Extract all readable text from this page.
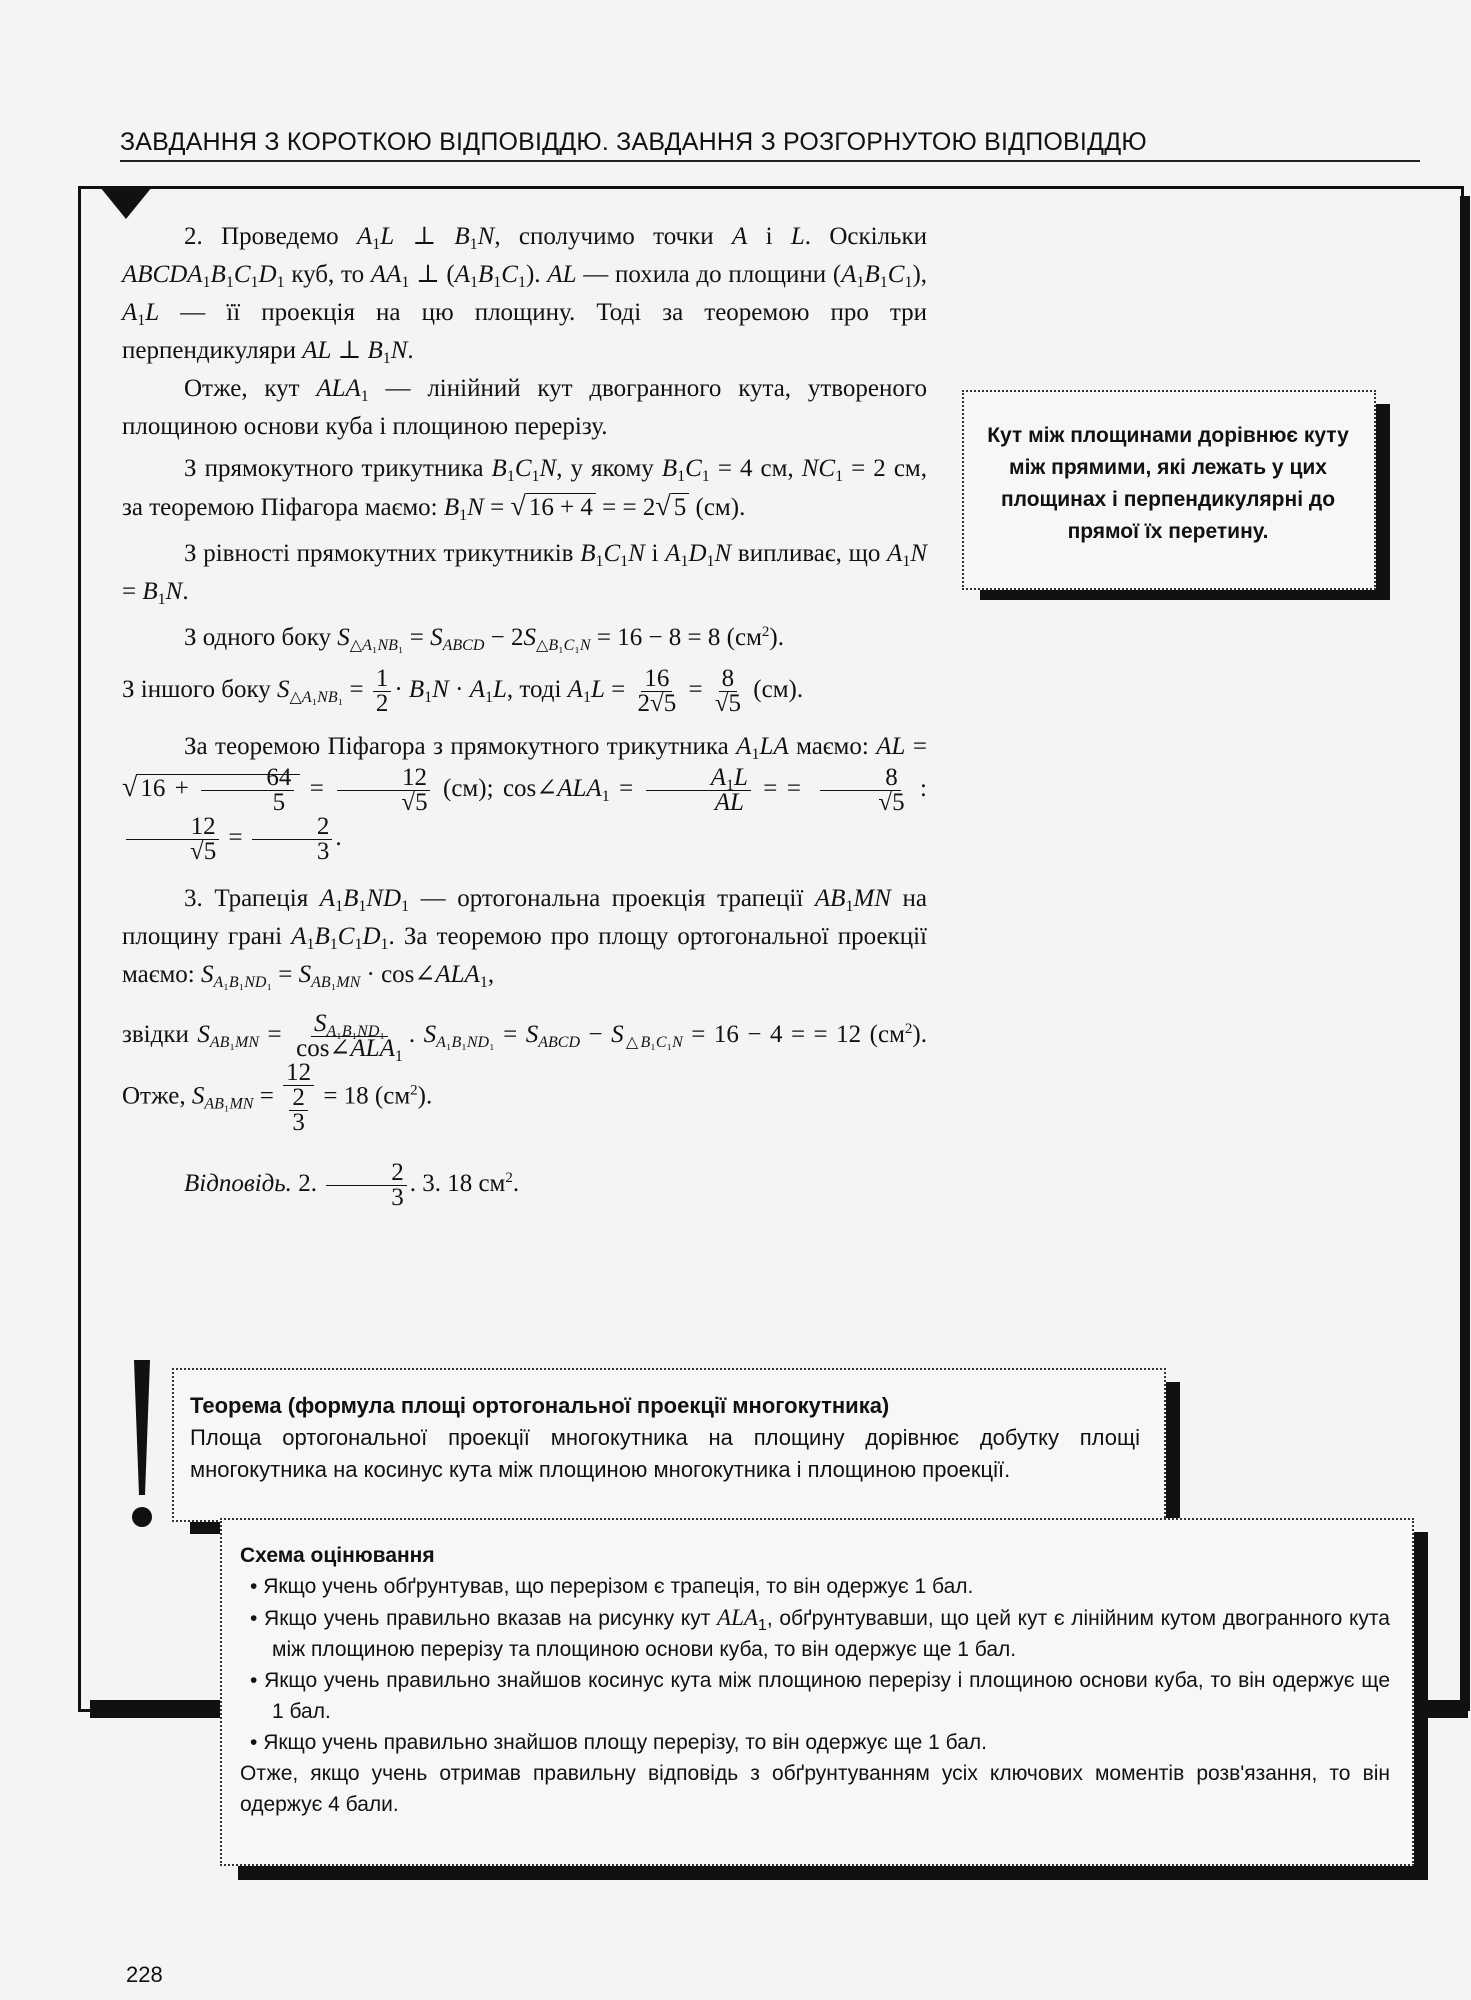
ЗАВДАННЯ З КОРОТКОЮ ВІДПОВІДДЮ. ЗАВДАННЯ З РОЗГОРНУТОЮ ВІДПОВІДДЮ

2. Проведемо $A_1L$ ⊥ $B_1N$, сполучимо точки A і L. Оскільки $ABCDA_1B_1C_1D_1$ куб, то $AA_1$ ⊥ $(A_1B_1C_1)$. AL — похила до площини $(A_1B_1C_1)$, $A_1L$ — її проекція на цю площину. Тоді за теоремою про три перпендикуляри AL ⊥ $B_1N$.

Отже, кут $ALA_1$ — лінійний кут двогранного кута, утвореного площиною основи куба і площиною перерізу.

З прямокутного трикутника $B_1C_1N$, у якому $B_1C_1 = 4$ см, $NC_1 = 2$ см, за теоремою Піфагора маємо: $B_1N$ = √ 16 + 4 = = 2√ 5 (см).

З рівності прямокутних трикутників $B_1C_1N$ і $A_1D_1N$ випливає, що $A_1N = B_1N$.

З одного боку $S_{\triangle A_1NB_1} = S_{ABCD} - 2S_{\triangle B_1C_1N} = 16 - 8 = 8$ $(см^2)$.

З іншого боку $S_{\triangle A_1NB_1} = \frac{1}{2} \cdot B_1N \cdot A_1L$, тоді $A_1L = \frac{16}{2√5} = \frac{8}{√5} (см)$.

За теоремою Піфагора з прямокутного трикутника $A_1LA$ маємо: AL = √ $16 + \frac{64}{5} = \frac{12}{√5} (см)$; $\cos\angle ALA_1 = \frac{A_1L}{AL}$ = = $\frac{8}{√5}$ :
$\frac{12}{√5} = \frac{2}{3}$ .

3. Трапеція $A_1B_1ND_1$ — ортогональна проекція трапеції $AB_1MN$ на площину грані $A_1B_1C_1D_1$. За теоремою про площу ортогональної проекції маємо: $S_{A_1B_1ND_1} = S_{AB_1MN}$ · $\cos\angle ALA_1$,

звідки $S_{AB_1MN} = \frac{S_{A_1B_1ND_1}}{\cos\angle ALA_1}$ . $S_{A_1B_1ND_1} = S_{ABCD} - S_{\triangle B_1C_1N} = 16 - 4$ = = 12 $(см^2)$. Отже, $S_{AB_1MN} = \frac{12}{\frac{2}{3}} = 18$ $(см^2)$.

Відповідь. 2. $\frac{2}{3}$ . 3. 18 $см^2$.

Кут між площинами дорівнює куту між прямими, які лежать у цих площинах і перпендикулярні до прямої їх перетину.
Теорема (формула площі ортогональної проекції многокутника)
Площа ортогональної проекції многокутника на площину дорівнює добутку площі многокутника на косинус кута між площиною многокутника і площиною проекції.
Схема оцінювання
• Якщо учень обґрунтував, що перерізом є трапеція, то він одержує 1 бал.
• Якщо учень правильно вказав на рисунку кут $ALA_1$, обґрунтувавши, що цей кут є лінійним кутом двогранного кута між площиною перерізу та площиною основи куба, то він одержує ще 1 бал.
• Якщо учень правильно знайшов косинус кута між площиною перерізу і площиною основи куба, то він одержує ще 1 бал.
• Якщо учень правильно знайшов площу перерізу, то він одержує ще 1 бал.
Отже, якщо учень отримав правильну відповідь з обґрунтуванням усіх ключових моментів розв'язання, то він одержує 4 бали.
228
